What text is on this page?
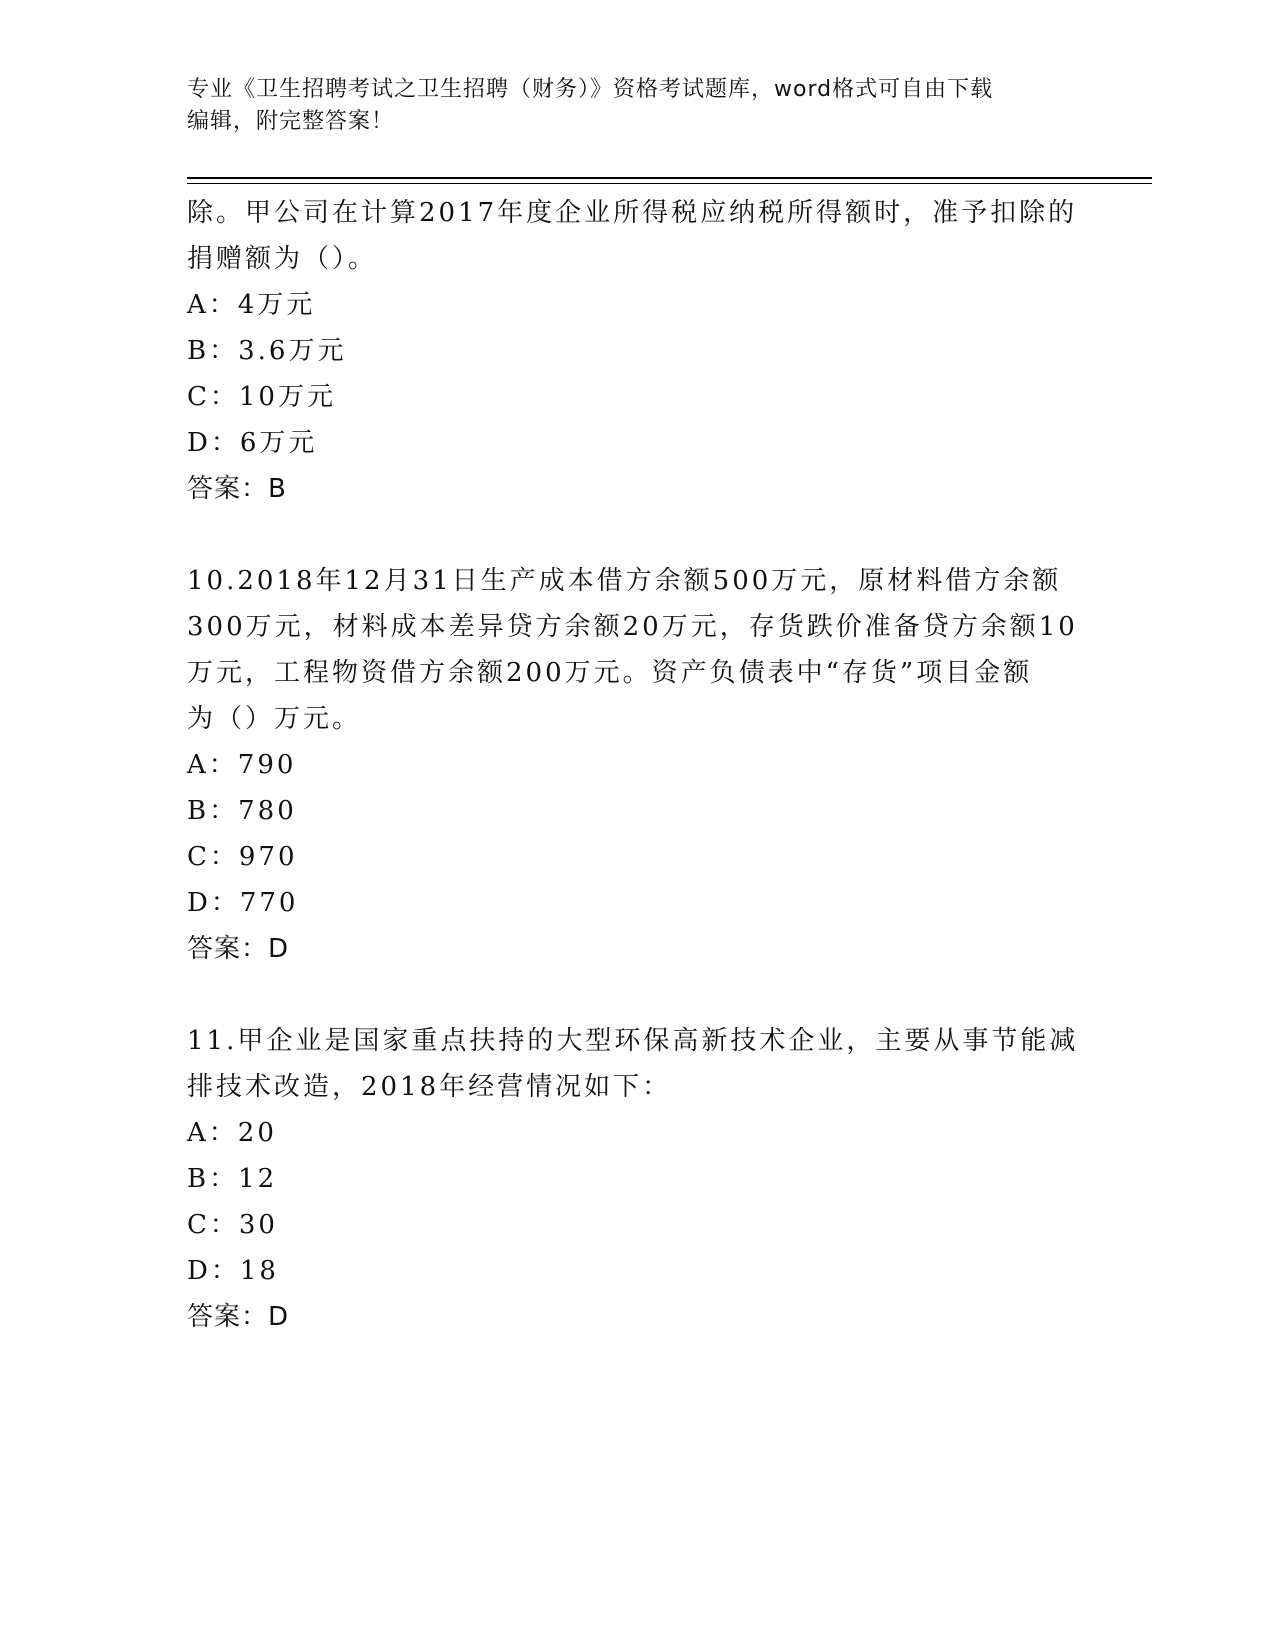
专业《卫生招聘考试之卫生招聘（财务）》资格考试题库，word格式可自由下载
编辑，附完整答案！
除。甲公司在计算2017年度企业所得税应纳税所得额时，准予扣除的
捐赠额为（）。
A：4万元
B：3.6万元
C：10万元
D：6万元
答案：B
10.2018年12月31日生产成本借方余额500万元，原材料借方余额
300万元，材料成本差异贷方余额20万元，存货跌价准备贷方余额10
万元，工程物资借方余额200万元。资产负债表中“存货”项目金额
为（）万元。
A：790
B：780
C：970
D：770
答案：D
11.甲企业是国家重点扶持的大型环保高新技术企业，主要从事节能减
排技术改造，2018年经营情况如下：
A：20
B：12
C：30
D：18
答案：D
